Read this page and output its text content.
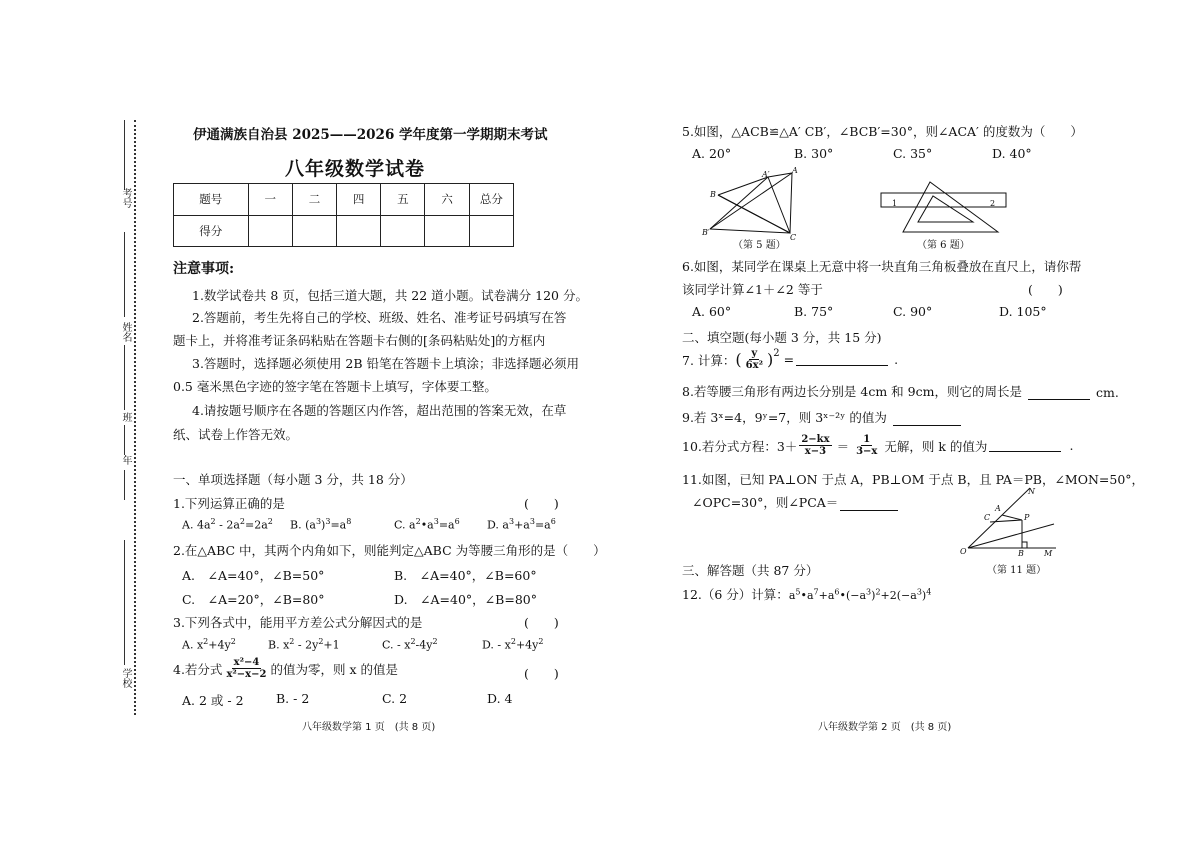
考号
姓名
班
年
学校
伊通满族自治县 2025——2026 学年度第一学期期末考试
八年级数学试卷
题号	一	二	四	五	六	总分
得分						
注意事项:
1.数学试卷共 8 页，包括三道大题，共 22 道小题。试卷满分 120 分。
2.答题前，考生先将自己的学校、班级、姓名、准考证号码填写在答
题卡上，并将准考证条码粘贴在答题卡右侧的[条码粘贴处]的方框内
3.答题时，选择题必须使用 2B 铅笔在答题卡上填涂；非选择题必须用
0.5 毫米黑色字迹的签字笔在答题卡上填写，字体要工整。
4.请按题号顺序在各题的答题区内作答，超出范围的答案无效，在草
纸、试卷上作答无效。
一、单项选择题（每小题 3 分，共 18 分）
1.下列运算正确的是	(　　)
A. $4a^2 - 2a^2=2a^2$ B. $(a^3)^3=a^8$	C. $a^2•a^3=a^6$ D. $a^3+a^3=a^6$
2.在△ABC 中，其两个内角如下，则能判定△ABC 为等腰三角形的是（　　）
A.　∠A=40°，∠B=50°	B.　∠A=40°，∠B=60°
C.　∠A=20°，∠B=80°	D.　∠A=40°，∠B=80°
3.下列各式中，能用平方差公式分解因式的是	(　　)
A. $x^2+4y^2$	B. $x^2 - 2y^2+1$	C. - $x^2-4y^2$	D. - $x^2+4y^2$
4.若分式 $\frac{\text{x²−4}}{\text{x²−x−2}}$ 的值为零，则 x 的值是	(　　)
A. 2 或 - 2	B. - 2	C. 2	D. 4
八年级数学第 1 页　(共 8 页)
5.如图，△ACB≌△A′ CB′，∠BCB′=30°，则∠ACA′ 的度数为（　　）
A. 20°	B. 30°	C. 35°	D. 40°
B
A′	A
B′
C
（第 5 题）
1	2
（第 6 题）
6.如图，某同学在课桌上无意中将一块直角三角板叠放在直尺上，请你帮
该同学计算∠1＋∠2 等于	(　　)
A. 60°	B. 75°	C. 90°	D. 105°
二、填空题(每小题 3 分，共 15 分)
7. 计算： ( $\frac{y}{\text{6x²}} )^2$ =	.
8.若等腰三角形有两边长分别是 4cm 和 9cm，则它的周长是	cm.
9.若 3ˣ=4，9ʸ=7，则 3ˣ⁻²ʸ 的值为
10.若分式方程：$3+ \frac{2-kx}{x-3} = \frac{1}{3-x}$ 无解，则 k 的值为	.
11.如图，已知 PA⊥ON 于点 A，PB⊥OM 于点 B，且 PA＝PB，∠MON=50°，
∠OPC=30°，则∠PCA＝
O
A
C	P
N
B	M
（第 11 题）
三、解答题（共 87 分）
12.（6 分）计算：$a^5•a^7+a^6•(-a^3)^2+2(-a^3)^4$
八年级数学第 2 页　(共 8 页)
